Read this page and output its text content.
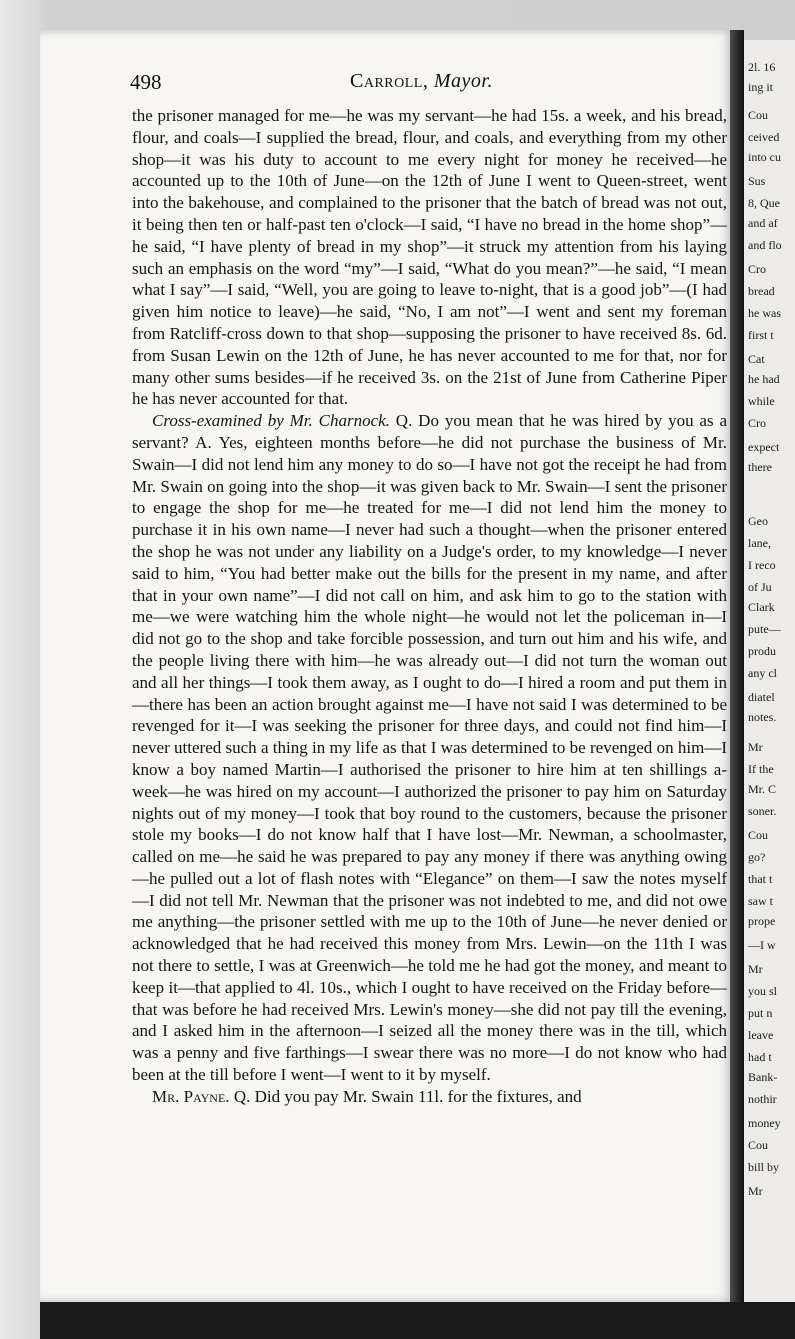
498	Carroll, Mayor.

the prisoner managed for me—he was my servant—he had 15s. a week, and his bread, flour, and coals—I supplied the bread, flour, and coals, and everything from my other shop—it was his duty to account to me every night for money he received—he accounted up to the 10th of June—on the 12th of June I went to Queen-street, went into the bakehouse, and complained to the prisoner that the batch of bread was not out, it being then ten or half-past ten o'clock—I said, “I have no bread in the home shop”—he said, “I have plenty of bread in my shop”—it struck my attention from his laying such an emphasis on the word “my”—I said, “What do you mean?”—he said, “I mean what I say”—I said, “Well, you are going to leave to-night, that is a good job”—(I had given him notice to leave)—he said, “No, I am not”—I went and sent my foreman from Ratcliff-cross down to that shop—supposing the prisoner to have received 8s. 6d. from Susan Lewin on the 12th of June, he has never accounted to me for that, nor for many other sums besides—if he received 3s. on the 21st of June from Catherine Piper he has never accounted for that.

Cross-examined by Mr. Charnock. Q. Do you mean that he was hired by you as a servant? A. Yes, eighteen months before—he did not purchase the business of Mr. Swain—I did not lend him any money to do so—I have not got the receipt he had from Mr. Swain on going into the shop—it was given back to Mr. Swain—I sent the prisoner to engage the shop for me—he treated for me—I did not lend him the money to purchase it in his own name—I never had such a thought—when the prisoner entered the shop he was not under any liability on a Judge's order, to my knowledge—I never said to him, “You had better make out the bills for the present in my name, and after that in your own name”—I did not call on him, and ask him to go to the station with me—we were watching him the whole night—he would not let the policeman in—I did not go to the shop and take forcible possession, and turn out him and his wife, and the people living there with him—he was already out—I did not turn the woman out and all her things—I took them away, as I ought to do—I hired a room and put them in—there has been an action brought against me—I have not said I was determined to be revenged for it—I was seeking the prisoner for three days, and could not find him—I never uttered such a thing in my life as that I was determined to be revenged on him—I know a boy named Martin—I authorised the prisoner to hire him at ten shillings a-week—he was hired on my account—I authorized the prisoner to pay him on Saturday nights out of my money—I took that boy round to the customers, because the prisoner stole my books—I do not know half that I have lost—Mr. Newman, a schoolmaster, called on me—he said he was prepared to pay any money if there was anything owing—he pulled out a lot of flash notes with “Elegance” on them—I saw the notes myself—I did not tell Mr. Newman that the prisoner was not indebted to me, and did not owe me anything—the prisoner settled with me up to the 10th of June—he never denied or acknowledged that he had received this money from Mrs. Lewin—on the 11th I was not there to settle, I was at Greenwich—he told me he had got the money, and meant to keep it—that applied to 4l. 10s., which I ought to have received on the Friday before—that was before he had received Mrs. Lewin's money—she did not pay till the evening, and I asked him in the afternoon—I seized all the money there was in the till, which was a penny and five farthings—I swear there was no more—I do not know who had been at the till before I went—I went to it by myself.

Mr. Payne. Q. Did you pay Mr. Swain 11l. for the fixtures, and

2l. 16
ing it
Cou
ceived
into cu
Sus
8, Que
and af
and flo
Cro
bread
he was
first t
Cat
he had
while
Cro
expect
there
Geo
lane,
I reco
of Ju
Clark
pute—
produ
any cl
diatel
notes.
Mr
If the
Mr. C
soner.
Cou
go?
that t
saw t
prope
—I w
Mr
you sl
put n
leave
had t
Bank-
nothir
money
Cou
bill by
Mr
